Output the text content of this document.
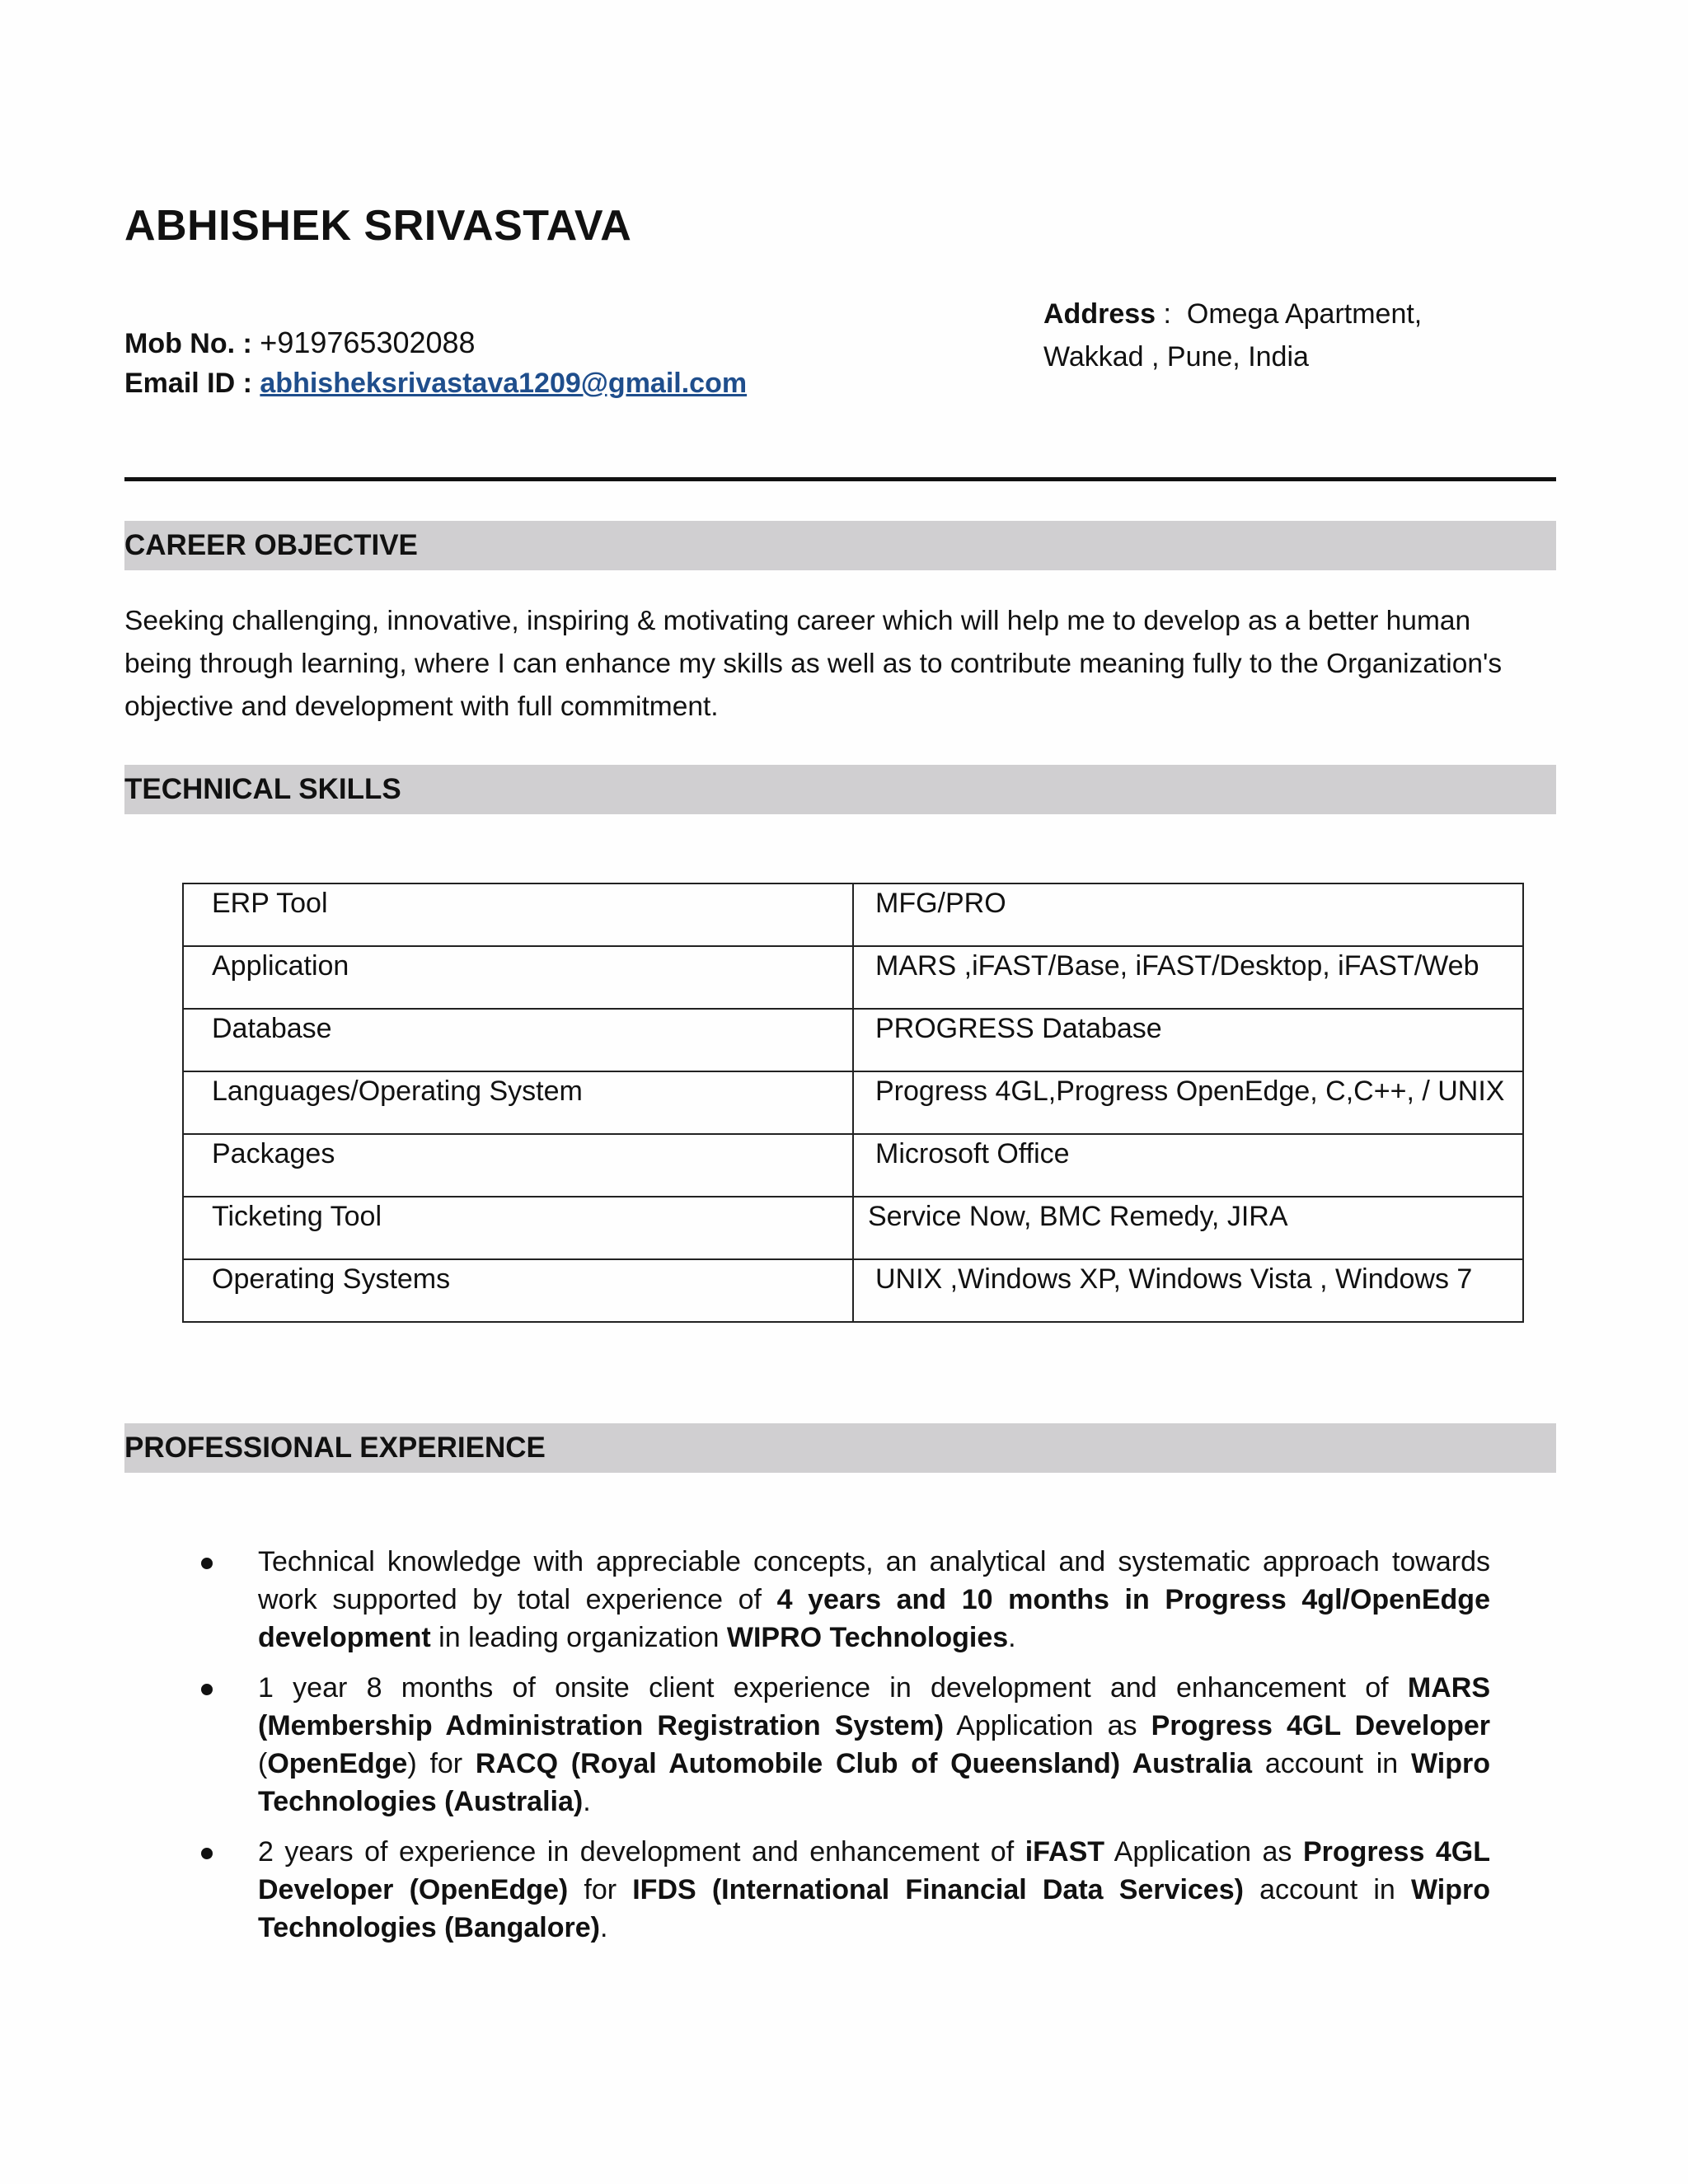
ABHISHEK SRIVASTAVA
Mob No. : +919765302088
Email ID : abhisheksrivastava1209@gmail.com
Address : Omega Apartment,
Wakkad , Pune, India
CAREER OBJECTIVE
Seeking challenging, innovative, inspiring & motivating career which will help me to develop as a better human being through learning, where I can enhance my skills as well as to contribute meaning fully to the Organization's objective and development with full commitment.
TECHNICAL SKILLS
ERP Tool	MFG/PRO
Application	MARS ,iFAST/Base, iFAST/Desktop, iFAST/Web
Database	PROGRESS Database
Languages/Operating System	Progress 4GL,Progress OpenEdge, C,C++, / UNIX
Packages	Microsoft Office
Ticketing Tool	Service Now, BMC Remedy, JIRA
Operating Systems	UNIX ,Windows XP, Windows Vista , Windows 7
PROFESSIONAL EXPERIENCE
Technical knowledge with appreciable concepts, an analytical and systematic approach towards work supported by total experience of 4 years and 10 months in Progress 4gl/OpenEdge development in leading organization WIPRO Technologies.
1 year 8 months of onsite client experience in development and enhancement of MARS (Membership Administration Registration System) Application as Progress 4GL Developer (OpenEdge) for RACQ (Royal Automobile Club of Queensland) Australia account in Wipro Technologies (Australia).
2 years of experience in development and enhancement of iFAST Application as Progress 4GL Developer (OpenEdge) for IFDS (International Financial Data Services) account in Wipro Technologies (Bangalore).
